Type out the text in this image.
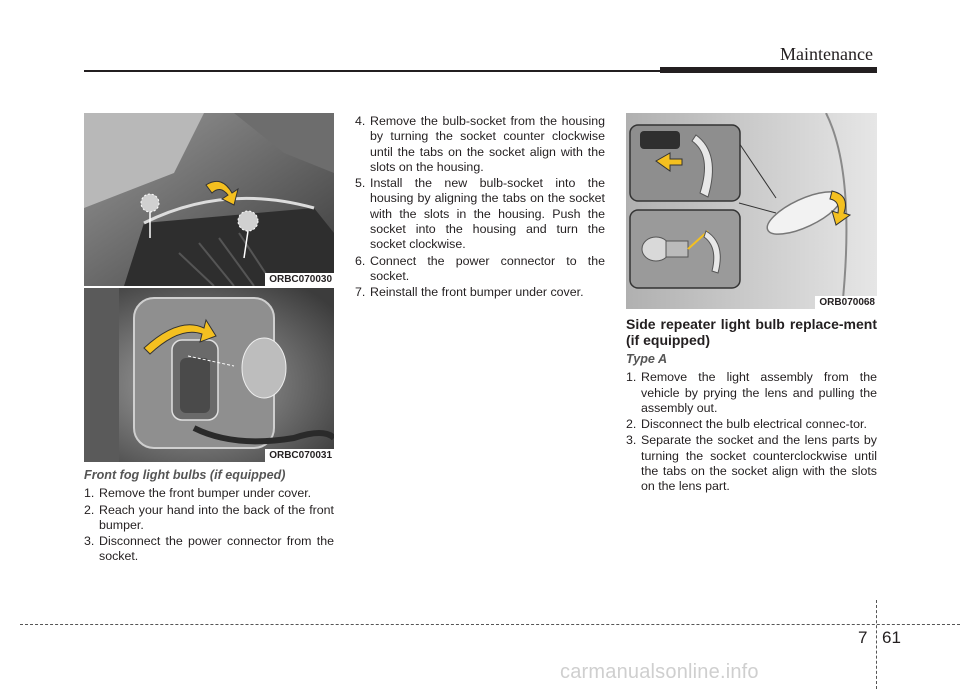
Maintenance
ORBC070030
ORBC070031
ORB070068
Front fog light bulbs (if equipped)
1. Remove the front bumper under cover.
2. Reach your hand into the back of the front bumper.
3. Disconnect the power connector from the socket.
4. Remove the bulb-socket from the housing by turning the socket counter clockwise until the tabs on the socket align with the slots on the housing.
5. Install the new bulb-socket into the housing by aligning the tabs on the socket with the slots in the housing. Push the socket into the housing and turn the socket clockwise.
6. Connect the power connector to the socket.
7. Reinstall the front bumper under cover.
Side repeater light bulb replace-ment (if equipped)
Type A
1. Remove the light assembly from the vehicle by prying the lens and pulling the assembly out.
2. Disconnect the bulb electrical connec-tor.
3. Separate the socket and the lens parts by turning the socket counterclockwise until the tabs on the socket align with the slots on the lens part.
7 61
carmanualsonline.info
